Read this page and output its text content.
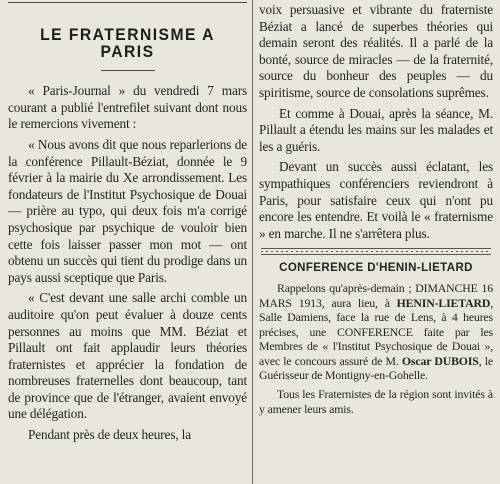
LE FRATERNISME A PARIS

« Paris-Journal » du vendredi 7 mars courant a publié l'entrefilet suivant dont nous le remercions vivement :

« Nous avons dit que nous reparlerions de la conférence Pillault-Béziat, donnée le 9 février à la mairie du Xe arrondissement. Les fondateurs de l'Institut Psychosique de Douai — prière au typo, qui deux fois m'a corrigé psychosique par psychique de vouloir bien cette fois laisser passer mon mot — ont obtenu un succès qui tient du prodige dans un pays aussi sceptique que Paris.

« C'est devant une salle archi comble un auditoire qu'on peut évaluer à douze cents personnes au moins que MM. Béziat et Pillault ont fait applaudir leurs théories fraternistes et apprécier la fondation de nombreuses fraternelles dont beaucoup, tant de province que de l'étranger, avaient envoyé une délégation.

Pendant près de deux heures, la

voix persuasive et vibrante du fraterniste Béziat a lancé de superbes théories qui demain seront des réalités. Il a parlé de la bonté, source de miracles — de la fraternité, source du bonheur des peuples — du spiritisme, source de consolations suprêmes.

Et comme à Douai, après la séance, M. Pillault a étendu les mains sur les malades et les a guéris.

Devant un succès aussi éclatant, les sympathiques conférenciers reviendront à Paris, pour satisfaire ceux qui n'ont pu encore les entendre. Et voilà le « fraternisme » en marche. Il ne s'arrêtera plus.

CONFERENCE D'HENIN-LIETARD

Rappelons qu'après-demain ; DIMANCHE 16 MARS 1913, aura lieu, à HENIN-LIETARD, Salle Damiens, face la rue de Lens, à 4 heures précises, une CONFERENCE faite par les Membres de « l'Institut Psychosique de Douai », avec le concours assuré de M. Oscar DUBOIS, le Guérisseur de Montigny-en-Gohelle.

Tous les Fraternistes de la région sont invités à y amener leurs amis.
